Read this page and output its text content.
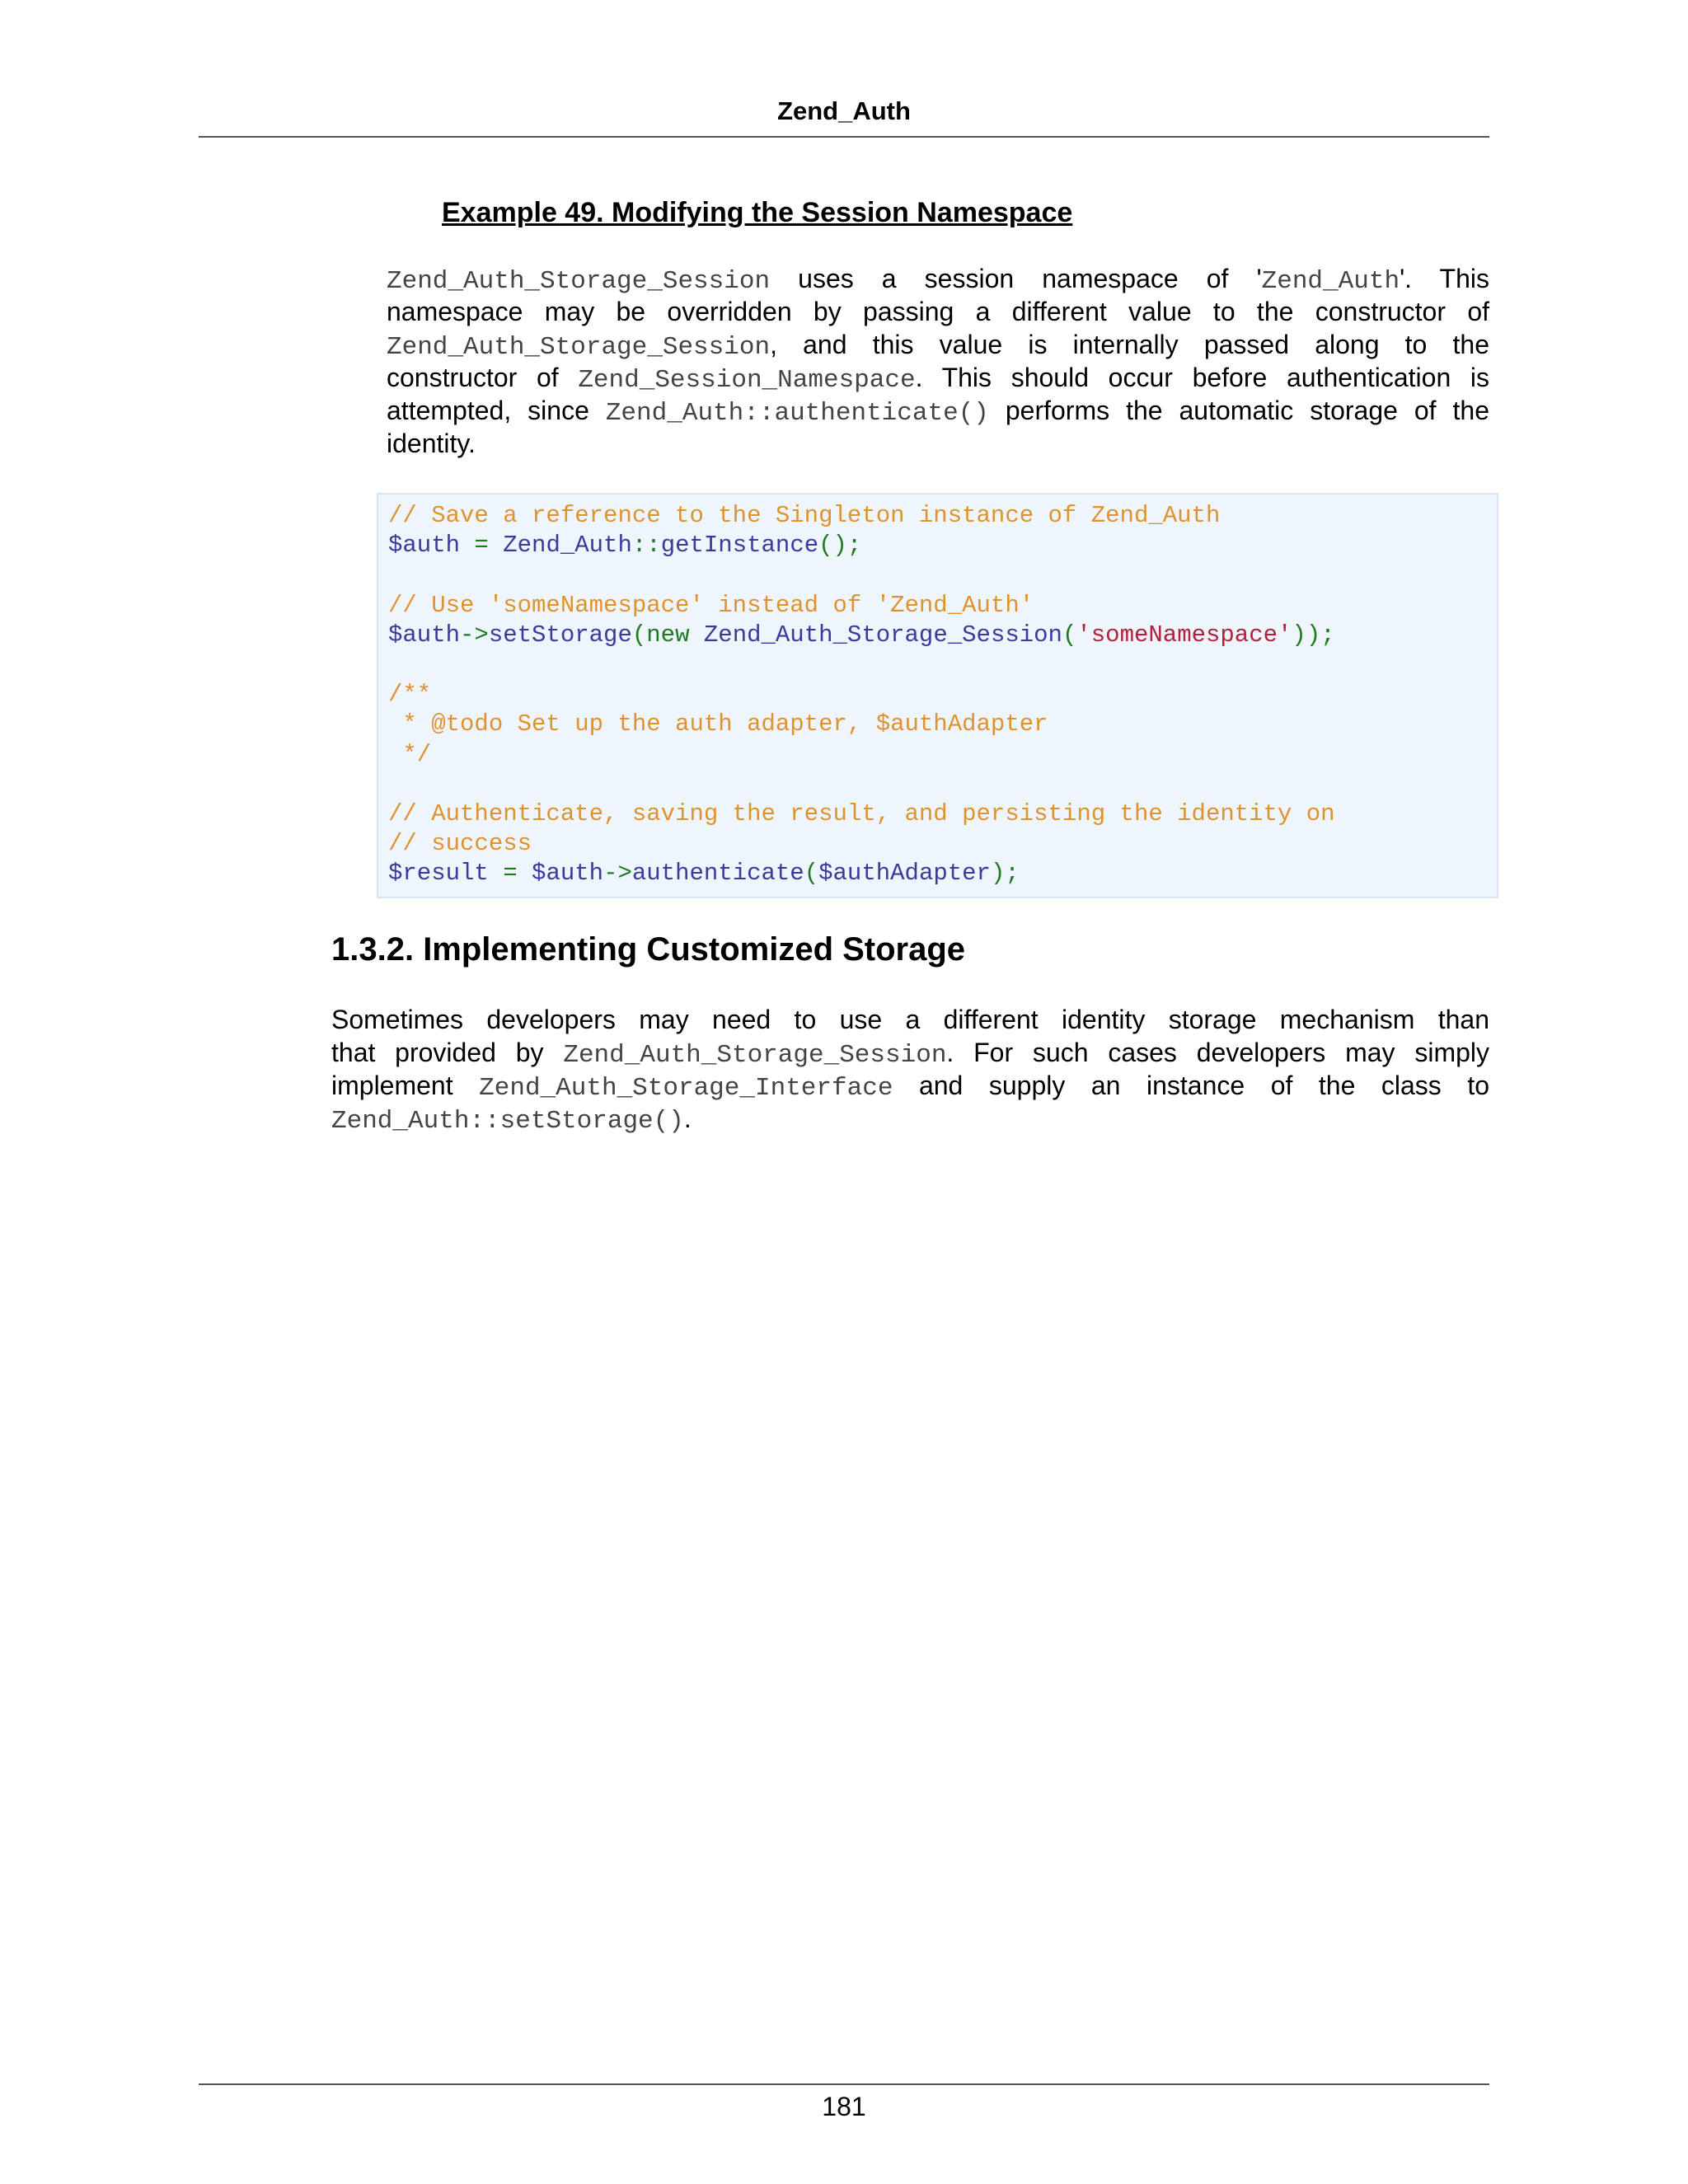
Zend_Auth
Example 49. Modifying the Session Namespace
Zend_Auth_Storage_Session uses a session namespace of 'Zend_Auth'. This
namespace may be overridden by passing a different value to the constructor of
Zend_Auth_Storage_Session, and this value is internally passed along to the
constructor of Zend_Session_Namespace. This should occur before authentication is
attempted, since Zend_Auth::authenticate() performs the automatic storage of the
identity.
// Save a reference to the Singleton instance of Zend_Auth
$auth = Zend_Auth::getInstance();
// Use 'someNamespace' instead of 'Zend_Auth'
$auth->setStorage(new Zend_Auth_Storage_Session('someNamespace'));
/**
* @todo Set up the auth adapter, $authAdapter
*/
// Authenticate, saving the result, and persisting the identity on
// success
$result = $auth->authenticate($authAdapter);
1.3.2. Implementing Customized Storage
Sometimes developers may need to use a different identity storage mechanism than
that provided by Zend_Auth_Storage_Session. For such cases developers may simply
implement Zend_Auth_Storage_Interface and supply an instance of the class to
Zend_Auth::setStorage().
181
